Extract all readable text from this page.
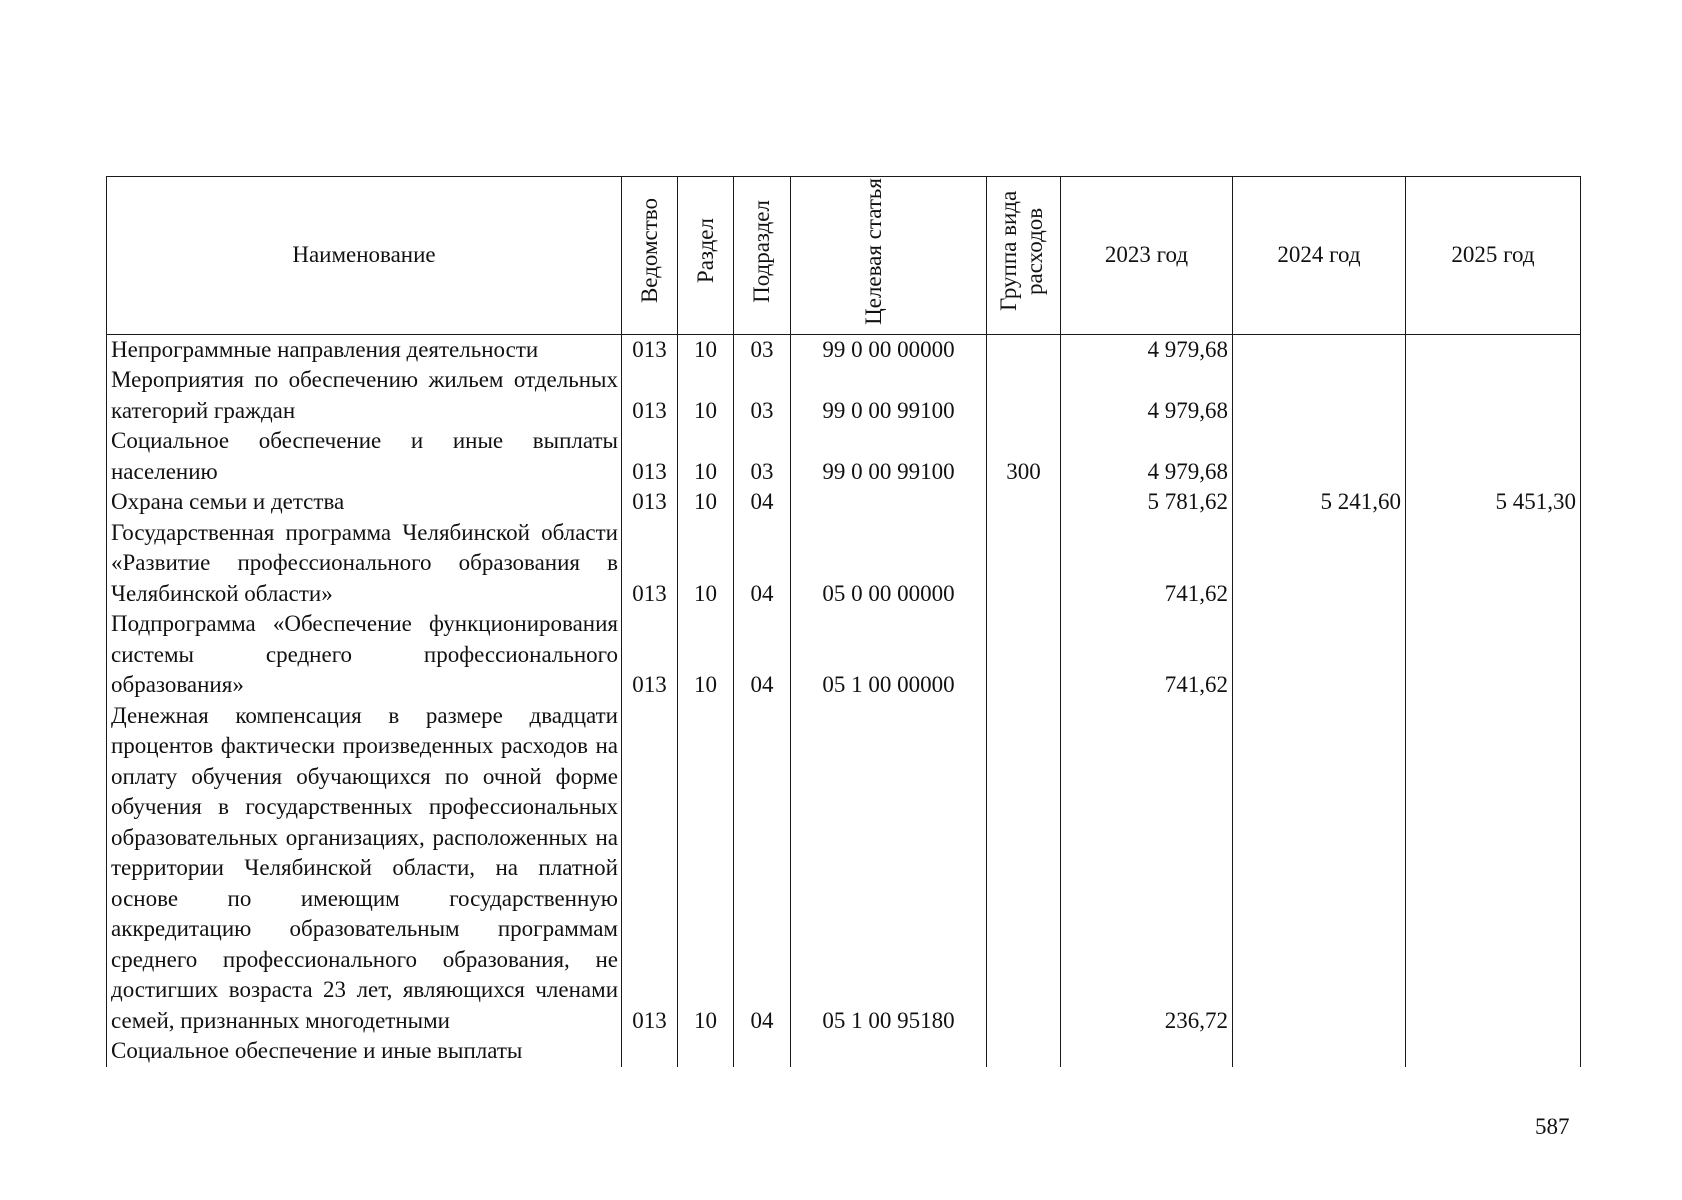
Наименование	Ведомство	Раздел	Подраздел	Целевая статья	Группа вида расходов	2023 год	2024 год	2025 год
Непрограммные направления деятельности	013	10	03	99 0 00 00000		4 979,68		
Мероприятия по обеспечению жильем отдельных категорий граждан	013	10	03	99 0 00 99100		4 979,68		
Социальное обеспечение и иные выплаты населению	013	10	03	99 0 00 99100	300	4 979,68		
Охрана семьи и детства	013	10	04			5 781,62	5 241,60	5 451,30
Государственная программа Челябинской области «Развитие профессионального образования в Челябинской области»	013	10	04	05 0 00 00000		741,62		
Подпрограмма «Обеспечение функционирования системы среднего профессионального образования»	013	10	04	05 1 00 00000		741,62		
Денежная компенсация в размере двадцати процентов фактически произведенных расходов на оплату обучения обучающихся по очной форме обучения в государственных профессиональных образовательных организациях, расположенных на территории Челябинской области, на платной основе по имеющим государственную аккредитацию образовательным программам среднего профессионального образования, не достигших возраста 23 лет, являющихся членами семей, признанных многодетными	013	10	04	05 1 00 95180		236,72		
Социальное обеспечение и иные выплаты								
587
